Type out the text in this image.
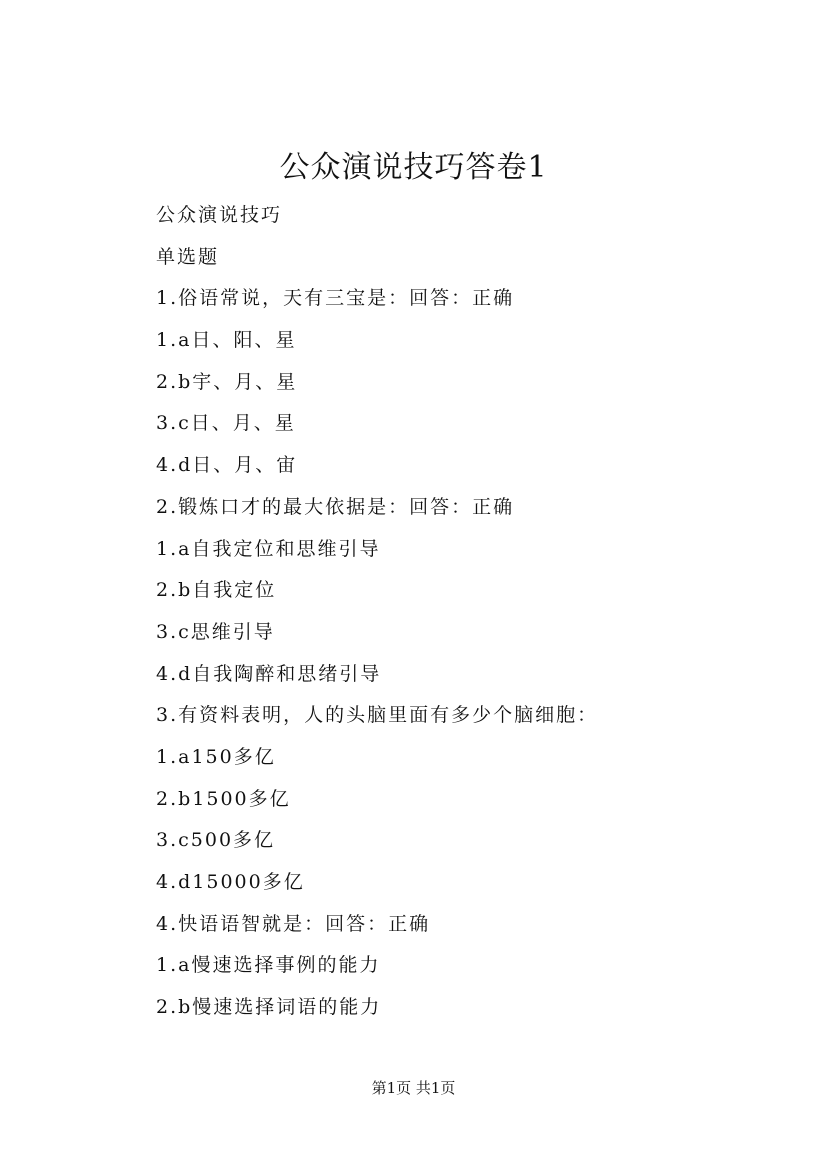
公众演说技巧答卷1
公众演说技巧
单选题
1.俗语常说，天有三宝是：回答：正确
1.a日、阳、星
2.b宇、月、星
3.c日、月、星
4.d日、月、宙
2.锻炼口才的最大依据是：回答：正确
1.a自我定位和思维引导
2.b自我定位
3.c思维引导
4.d自我陶醉和思绪引导
3.有资料表明，人的头脑里面有多少个脑细胞：
1.a150多亿
2.b1500多亿
3.c500多亿
4.d15000多亿
4.快语语智就是：回答：正确
1.a慢速选择事例的能力
2.b慢速选择词语的能力
第1页 共1页
